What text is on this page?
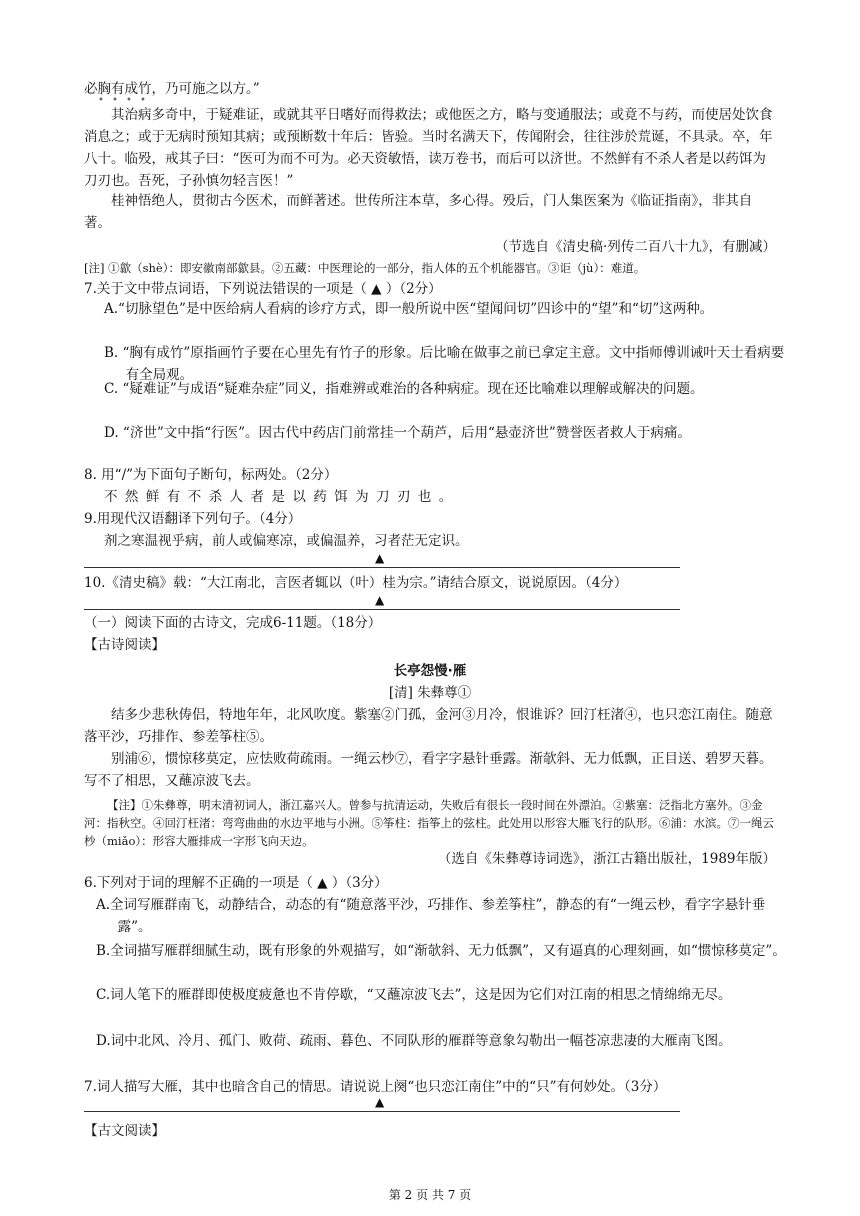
必胸有成竹，乃可施之以方。”

• • • •

其治病多奇中，于疑难证，或就其平日嗜好而得救法；或他医之方，略与变通服法；或竟不与药，而使居处饮食消息之；或于无病时预知其病；或预断数十年后：皆验。当时名满天下，传闻附会，往往涉於荒诞，不具录。卒，年八十。临殁，戒其子曰：“医可为而不可为。必天资敏悟，读万卷书，而后可以济世。不然鲜有不杀人者是以药饵为刀刃也。吾死，子孙慎勿轻言医！”

桂神悟绝人，贯彻古今医术，而鲜著述。世传所注本草，多心得。殁后，门人集医案为《临证指南》，非其自著。

（节选自《清史稿·列传二百八十九》，有删减）

[注] ①歙（shè）：即安徽南部歙县。②五藏：中医理论的一部分，指人体的五个机能器官。③讵（jù）：难道。

7.关于文中带点词语，下列说法错误的一项是（ ▲ ）（2分）

A.“切脉望色”是中医给病人看病的诊疗方式，即一般所说中医“望闻问切”四诊中的“望”和“切”这两种。

B. “胸有成竹”原指画竹子要在心里先有竹子的形象。后比喻在做事之前已拿定主意。文中指师傅训诫叶天士看病要有全局观。

C. “疑难证”与成语“疑难杂症”同义，指难辨或难治的各种病症。现在还比喻难以理解或解决的问题。

D. “济世”文中指“行医”。因古代中药店门前常挂一个葫芦，后用“悬壶济世”赞誉医者救人于病痛。

8. 用“/”为下面句子断句，标两处。（2分）

不然鲜有不杀人者是以药饵为刀刃也。

9.用现代汉语翻译下列句子。（4分）

剂之寒温视乎病，前人或偏寒凉，或偏温养，习者茫无定识。

▲

10.《清史稿》载：“大江南北，言医者辄以（叶）桂为宗。”请结合原文，说说原因。（4分）

▲

（一）阅读下面的古诗文，完成6-11题。（18分）

【古诗阅读】

长亭怨慢·雁

[清] 朱彝尊①

结多少悲秋俦侣，特地年年，北风吹度。紫塞②门孤，金河③月冷，恨谁诉？回汀枉渚④，也只恋江南住。随意落平沙，巧排作、参差筝柱⑤。

别浦⑥，惯惊移莫定，应怯败荷疏雨。一绳云杪⑦，看字字悬针垂露。渐欹斜、无力低飘，正目送、碧罗天暮。写不了相思，又蘸凉波飞去。

【注】①朱彝尊，明末清初词人，浙江嘉兴人。曾参与抗清运动，失败后有很长一段时间在外漂泊。②紫塞：泛指北方塞外。③金河：指秋空。④回汀枉渚：弯弯曲曲的水边平地与小洲。⑤筝柱：指筝上的弦柱。此处用以形容大雁飞行的队形。⑥浦：水滨。⑦一绳云杪（miǎo）：形容大雁排成一字形飞向天边。

（选自《朱彝尊诗词选》，浙江古籍出版社，1989年版）

6.下列对于词的理解不正确的一项是（ ▲ ）（3分）

A.全词写雁群南飞，动静结合，动态的有“随意落平沙，巧排作、参差筝柱”，静态的有“一绳云杪，看字字悬针垂露”。

B.全词描写雁群细腻生动，既有形象的外观描写，如“渐欹斜、无力低飘”，又有逼真的心理刻画，如“惯惊移莫定”。

C.词人笔下的雁群即使极度疲惫也不肯停歇，“又蘸凉波飞去”，这是因为它们对江南的相思之情绵绵无尽。

D.词中北风、冷月、孤门、败荷、疏雨、暮色、不同队形的雁群等意象勾勒出一幅苍凉悲凄的大雁南飞图。

7.词人描写大雁，其中也暗含自己的情思。请说说上阕“也只恋江南住”中的“只”有何妙处。（3分）

▲

【古文阅读】

第 2 页 共 7 页
